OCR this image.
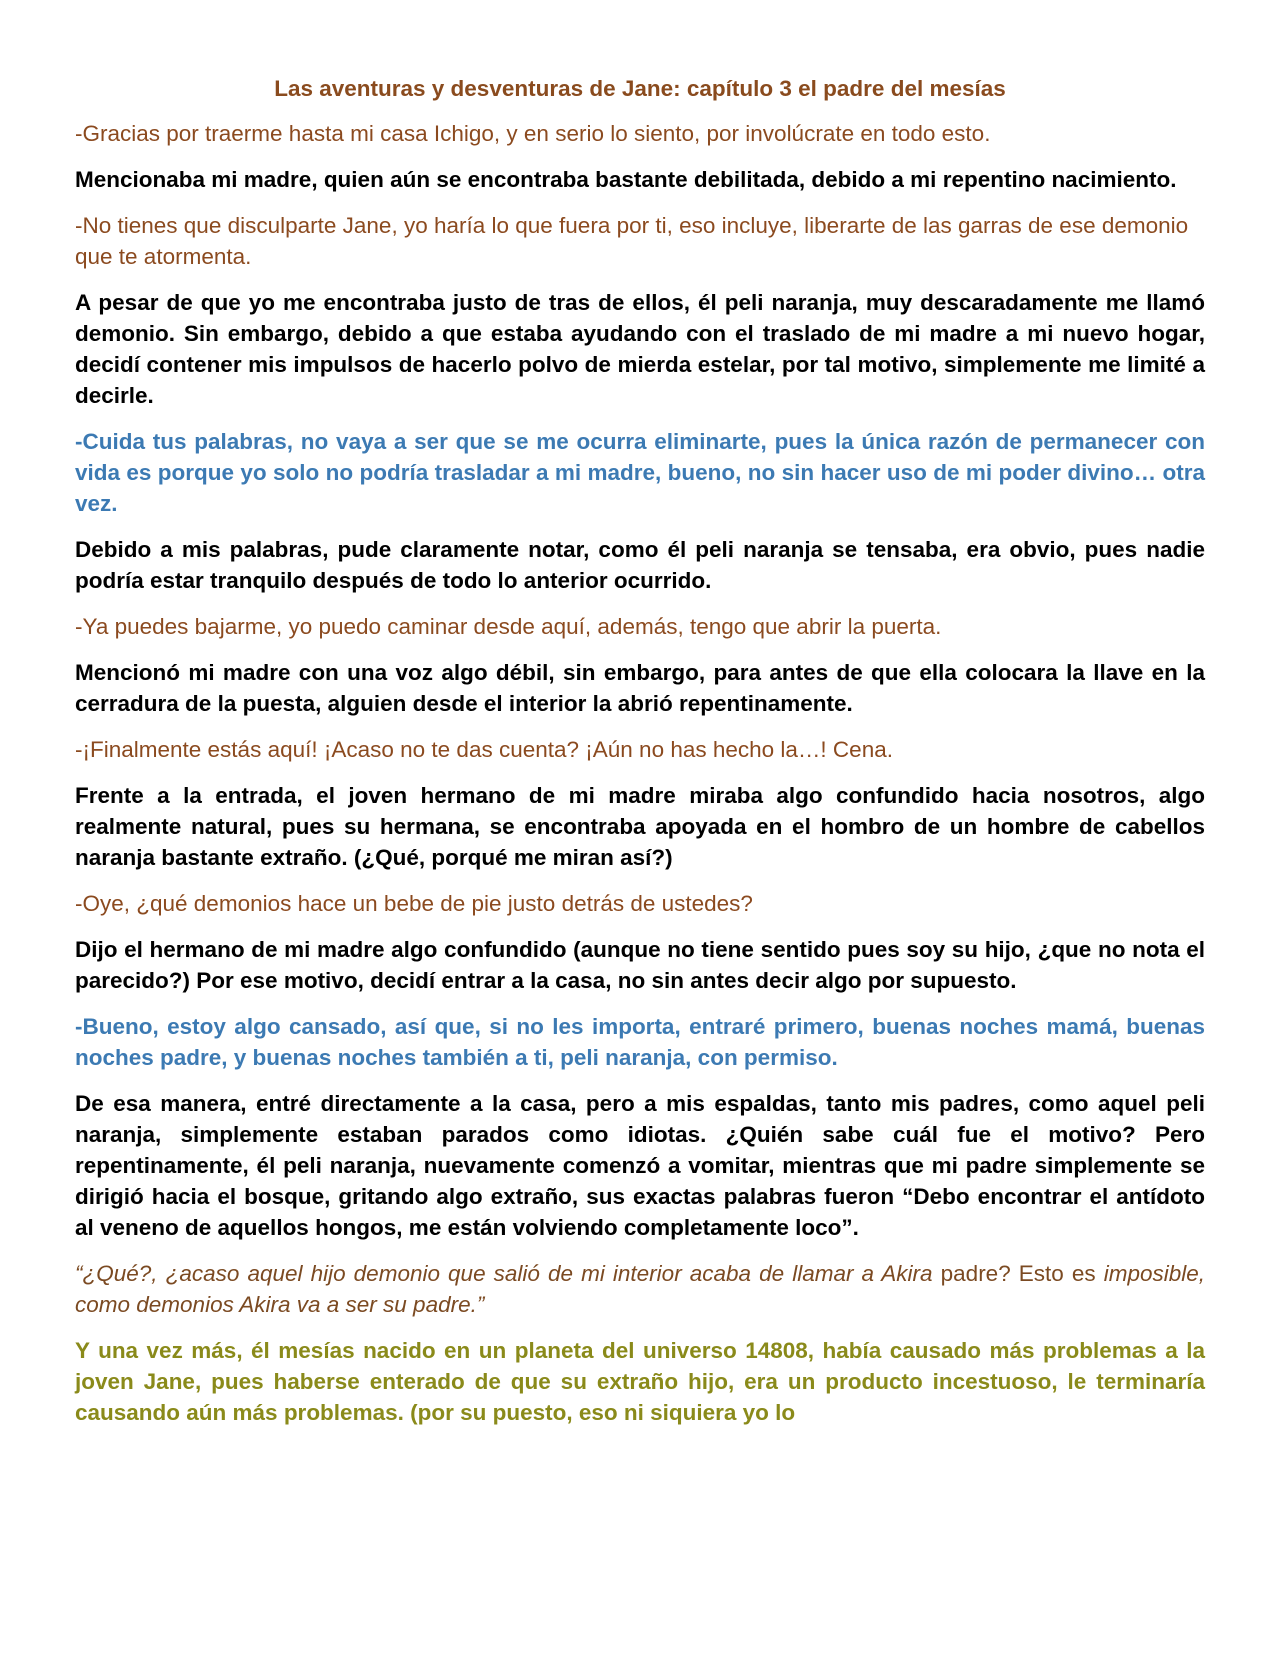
Las aventuras y desventuras de Jane: capítulo 3 el padre del mesías

-Gracias por traerme hasta mi casa Ichigo, y en serio lo siento, por involúcrate en todo esto.

Mencionaba mi madre, quien aún se encontraba bastante debilitada, debido a mi repentino nacimiento.

-No tienes que disculparte Jane, yo haría lo que fuera por ti, eso incluye, liberarte de las garras de ese demonio que te atormenta.

A pesar de que yo me encontraba justo de tras de ellos, él peli naranja, muy descaradamente me llamó demonio. Sin embargo, debido a que estaba ayudando con el traslado de mi madre a mi nuevo hogar, decidí contener mis impulsos de hacerlo polvo de mierda estelar, por tal motivo, simplemente me limité a decirle.

-Cuida tus palabras, no vaya a ser que se me ocurra eliminarte, pues la única razón de permanecer con vida es porque yo solo no podría trasladar a mi madre, bueno, no sin hacer uso de mi poder divino… otra vez.

Debido a mis palabras, pude claramente notar, como él peli naranja se tensaba, era obvio, pues nadie podría estar tranquilo después de todo lo anterior ocurrido.

-Ya puedes bajarme, yo puedo caminar desde aquí, además, tengo que abrir la puerta.

Mencionó mi madre con una voz algo débil, sin embargo, para antes de que ella colocara la llave en la cerradura de la puesta, alguien desde el interior la abrió repentinamente.

-¡Finalmente estás aquí! ¡Acaso no te das cuenta? ¡Aún no has hecho la…! Cena.

Frente a la entrada, el joven hermano de mi madre miraba algo confundido hacia nosotros, algo realmente natural, pues su hermana, se encontraba apoyada en el hombro de un hombre de cabellos naranja bastante extraño. (¿Qué, porqué me miran así?)

-Oye, ¿qué demonios hace un bebe de pie justo detrás de ustedes?

Dijo el hermano de mi madre algo confundido (aunque no tiene sentido pues soy su hijo, ¿que no nota el parecido?) Por ese motivo, decidí entrar a la casa, no sin antes decir algo por supuesto.

-Bueno, estoy algo cansado, así que, si no les importa, entraré primero, buenas noches mamá, buenas noches padre, y buenas noches también a ti, peli naranja, con permiso.

De esa manera, entré directamente a la casa, pero a mis espaldas, tanto mis padres, como aquel peli naranja, simplemente estaban parados como idiotas. ¿Quién sabe cuál fue el motivo? Pero repentinamente, él peli naranja, nuevamente comenzó a vomitar, mientras que mi padre simplemente se dirigió hacia el bosque, gritando algo extraño, sus exactas palabras fueron “Debo encontrar el antídoto al veneno de aquellos hongos, me están volviendo completamente loco”.

“¿Qué?, ¿acaso aquel hijo demonio que salió de mi interior acaba de llamar a Akira padre? Esto es imposible, como demonios Akira va a ser su padre.”

Y una vez más, él mesías nacido en un planeta del universo 14808, había causado más problemas a la joven Jane, pues haberse enterado de que su extraño hijo, era un producto incestuoso, le terminaría causando aún más problemas. (por su puesto, eso ni siquiera yo lo
